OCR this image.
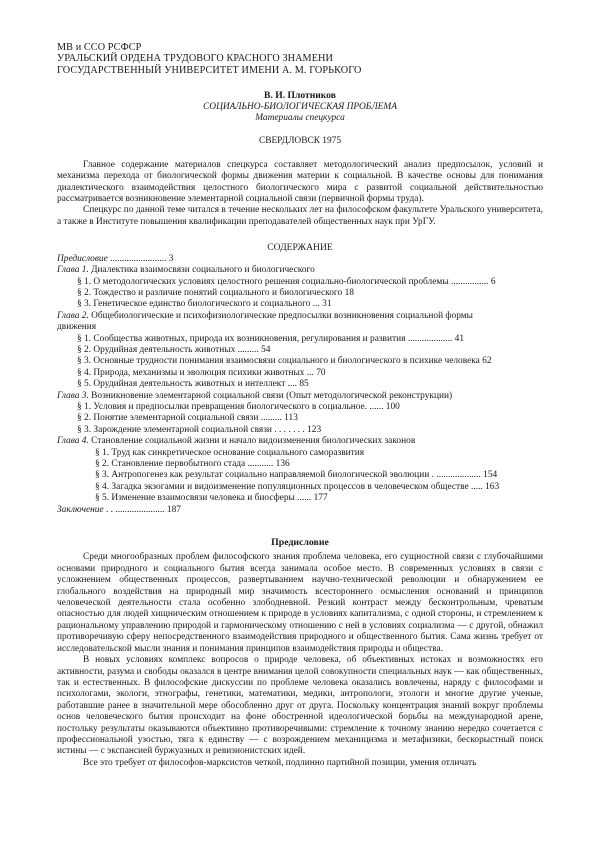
МВ и ССО РСФСР
УРАЛЬСКИЙ ОРДЕНА ТРУДОВОГО КРАСНОГО ЗНАМЕНИ
ГОСУДАРСТВЕННЫЙ УНИВЕРСИТЕТ ИМЕНИ А. М. ГОРЬКОГО
В. И. Плотников
СОЦИАЛЬНО-БИОЛОГИЧЕСКАЯ ПРОБЛЕМА
Материалы спецкурса
СВЕРДЛОВСК 1975

Главное содержание материалов спецкурса составляет методологический анализ предпосылок, условий и механизма перехода от биологической формы движения материи к социальной. В качестве основы для понимания диалектического взаимодействия целостного биологического мира с развитой социальной действительностью рассматривается возникновение элементарной социальной связи (первичной формы труда).

Спецкурс по данной теме читался в течение нескольких лет на философском факультете Уральского университета, а также в Институте повышения квалификации преподавателей общественных наук при УрГУ.

СОДЕРЖАНИЕ
Предисловие ........................ 3
Глава 1. Диалектика взаимосвязи социального и биологического
§ 1. О методологических условиях целостного решения социально-биологической проблемы ................ 6
§ 2. Тождество и различие понятий социального и биологического 18
§ 3. Генетическое единство биологического и социального ... 31
Глава 2. Общебиологические и психофизиологические предпосылки возникновения социальной формы
движения
§ 1. Сообщества животных, природа их возникновения, регулирования и развития ................... 41
§ 2. Орудийная деятельность животных ......... 54
§ 3. Основные трудности понимания взаимосвязи социального и биологического в психике человека 62
§ 4. Природа, механизмы и эволюция психики животных ... 70
§ 5. Орудийная деятельность животных и интеллект .... 85
Глава 3. Возникновение элементарной социальной связи (Опыт методологической реконструкции)
§ 1. Условия и предпосылки превращения биологического в социальное. ...... 100
§ 2. Понятие элементарной социальной связи ......... 113
§ 3. Зарождение элементарной социальной связи . . . . . . . 123
Глава 4. Становление социальной жизни и начало видоизменения биологических законов
§ 1. Труд как синкретическое основание социального саморазвития
§ 2. Становление первобытного стада ........... 136
§ 3. Антропогенез как результат социально направляемой биологической эволюции . ................... 154
§ 4. Загадка экзогамии и видоизменение популяционных процессов в человеческом обществе ..... 163
§ 5. Изменение взаимосвязи человека и биосферы ...... 177
Заключение . . ..................... 187
Предисловие

Среди многообразных проблем философского знания проблема человека, его сущностной связи с глубочайшими основами природного и социального бытия всегда занимала особое место. В современных условиях в связи с усложнением общественных процессов, развертыванием научно-технической революции и обнаружением ее глобального воздействия на природный мир значимость всестороннего осмысления оснований и принципов человеческой деятельности стала особенно злободневной. Резкий контраст между бесконтрольным, чреватым опасностью для людей хищническим отношением к природе в условиях капитализма, с одной стороны, и стремлением к рациональному управлению природой и гармоническому отношению с ней в условиях социализма — с другой, обнажил противоречивую сферу непосредственного взаимодействия природного и общественного бытия. Сама жизнь требует от исследовательской мысли знания и понимания принципов взаимодействия природы и общества.

В новых условиях комплекс вопросов о природе человека, об объективных истоках и возможностях его активности, разума и свободы оказался в центре внимания целой совокупности специальных наук — как общественных, так и естественных. В философские дискуссии по проблеме человека оказались вовлечены, наряду с философами и психологами, экологи, этнографы, генетики, математики, медики, антропологи, этологи и многие другие ученые, работавшие ранее в значительной мере обособленно друг от друга. Поскольку концентрация знаний вокруг проблемы основ человеческого бытия происходит на фоне обостренной идеологической борьбы на международной арене, постольку результаты оказываются объективно противоречивыми: стремление к точному знанию нередко сочетается с профессиональной узостью, тяга к единству — с возрождением механицизма и метафизики, бескорыстный поиск истины — с экспансией буржуазных и ревизионистских идей.

Все это требует от философов-марксистов четкой, подлинно партийной позиции, умения отличать
